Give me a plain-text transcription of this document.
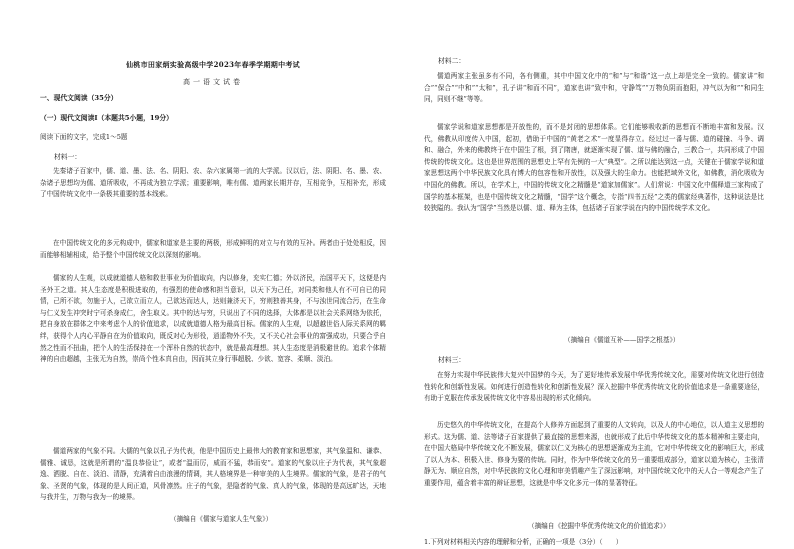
仙桃市田家炳实验高级中学2023年春季学期期中考试
高一语文试卷
一、现代文阅读（35分）
（一）现代文阅读Ⅰ（本题共5小题，19分）
阅读下面的文字，完成1～5题
材料一：

先秦诸子百家中，儒、道、墨、法、名、阴阳、农、杂六家属第一流的大学派。汉以后，法、阴阳、名、墨、农、杂诸子思想均为儒、道所吸收，不再成为独立学派；重要影响，唯有儒、道两家长期并存，互相竞争，互相补充，形成了中国传统文化中一条极其重要的基本线索。

在中国传统文化的多元构成中，儒家和道家是主要的两极，形成鲜明的对立与有效的互补。两者由于处处相反，因而能够相辅相成，给予整个中国传统文化以深刻的影响。

儒家的人生观，以成就道德人格和救世事业为价值取向，内以修身，充实仁德；外以济民，治国平天下，这便是内圣外王之道。其人生态度是积极进取的，有强烈的使命感和担当意识，以天下为己任，对同类和他人有不可自已的同情，己所不欲，勿施于人，己欲立而立人，己欲达而达人，达则兼济天下，穷则独善其身，不与浊世同流合污，在生命与仁义发生冲突时宁可杀身成仁，舍生取义。其中的达与穷，只说出了不同的选择，大体都是以社会关系网络为依托，把自身放在群体之中来考虑个人的价值追求，以成就道德人格为最高目标。儒家的人生观，以超越世俗人际关系网的羁绊，获得个人内心平静自在为价值取向，既反对心为形役，逍遥物外不失，又不关心社会事业的富强成功，只要合乎自然之性而不扭曲，把个人的生活保持在一个浑朴自然的状态中，就是最高理想。其人生态度是消极避世的。追求个体精神的自由超越，主张无为自然，崇尚个性本真自由，因而其立身行事超脱、少欲、宽容、柔顺、淡泊。

儒道两家的气象不同。大儒的气象以孔子为代表，他是中国历史上最伟大的教育家和思想家，其气象温和、谦恭、儒雅、诚恳，这就是所谓的“温良恭俭让”，或者“温而厉，威而不猛，恭而安”。道家的气象以庄子为代表，其气象超逸、洒脱、自在、淡泊、清静，充满着自由浪漫的情调，其人格境界是一种审美的人生境界。儒家的气象，是君子的气象、圣贤的气象，体现的是人间正道，风骨凛然。庄子的气象，是隐者的气象、真人的气象，体现的是高远旷达，天地与我并生，万物与我为一的境界。

（摘编自《儒家与道家人生气象》）
材料二：

儒道两家主张虽多有不同，各有侧重，其中中国文化中的“和”与“和谐”这一点上却是完全一致的。儒家讲“和合”“保合”“中和”“太和”，孔子讲“和而不同”，道家也讲“致中和，守静笃”“万物负阴而抱阳，冲气以为和”“和同生同，同则不继”等等。

儒家学说和道家思想都是开放性的，而不是封闭的思想体系。它们能够吸收新的思想而不断地丰富和发展。汉代，佛教从印度传入中国，起初，借助于中国的“黄老之术”一度显得存立。经过过一番与儒、道的碰撞、斗争、调和、融合，外来的佛教终于在中国生了根，到了隋唐，就逐渐实现了儒、道与佛的融合，三教合一，共同形成了中国传统的传统文化。这也是世界范围的思想史上罕有先例的一大“典型”。之所以能达到这一点，关键在于儒家学说和道家思想这两个中华民族文化具有博大的包容性和开放性，以及强大的生命力。也能把域外文化，如佛教，消化吸收为中国化的佛教。所以，在学术上，中国的传统文化之精髓是“道家加儒家”。人们常说：中国文化中儒释道三家构成了国学的基本框架，也是中国传统文化之精髓，“国学”这个概念，专指“四书五经”之类的儒家经典著作，这种说法是比较狭隘的。我认为“国学”当然是以儒、道、释为主体，包括诸子百家学说在内的中国传统学术文化。

（摘编自《儒道互补——国学之根基》）
材料三：

在努力实现中华民族伟大复兴中国梦的今天，为了更好地传承发展中华优秀传统文化，需要对传统文化进行创造性转化和创新性发展。如何进行创造性转化和创新性发展？深入挖掘中华优秀传统文化的价值追求是一条重要途径，有助于克服在传承发展传统文化中容易出现的形式化倾向。

历史悠久的中华传统文化，在提高个人修养方面起到了重要的人文转向，以及人的中心地位，以人道主义思想的形式。这为儒、道、法等诸子百家提供了最直接的思想来源，也就形成了此后中华传统文化的基本精神和主要走向，在中国大格局中华传统文化不断发展，儒家以仁义为核心的思想逐渐成为主流，它对中华传统文化的影响巨大，形成了以人为本、积极入世、修身为要的传统。同时，作为中华传统文化的另一重要组成部分，道家以道为核心，主张清静无为、顺应自然，对中华民族的文化心理和审美情趣产生了深远影响，对中国传统文化中的天人合一等观念产生了重要作用，蕴含着丰富的辩证思想，这就是中华文化多元一体的显著特征。

（摘编自《挖掘中华优秀传统文化的价值追求》）
1.下列对材料相关内容的理解和分析，正确的一项是（3分）（　　）
